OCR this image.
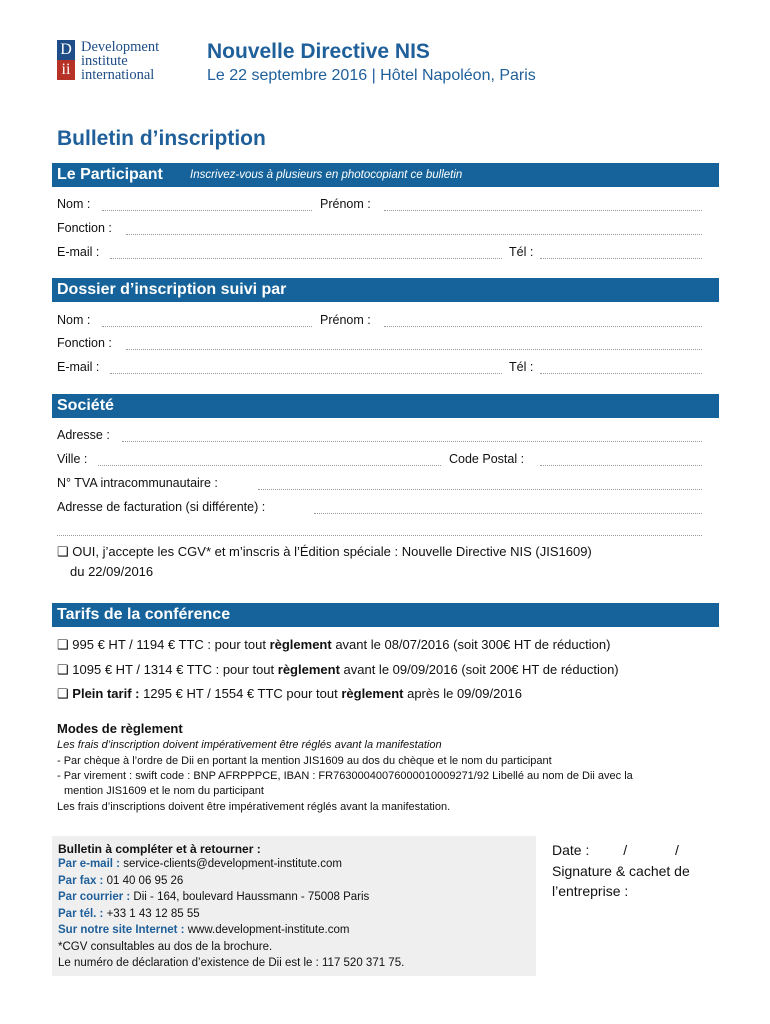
D
ii
Development
institute
international
Nouvelle Directive NIS
Le 22 septembre 2016 | Hôtel Napoléon, Paris
Bulletin d’inscription
Le Participant Inscrivez-vous à plusieurs en photocopiant ce bulletin
Nom :	Prénom :
Fonction :
E-mail :	Tél :
Dossier d’inscription suivi par
Nom :	Prénom :
Fonction :
E-mail :	Tél :
Société
Adresse :
Ville :	Code Postal :
N° TVA intracommunautaire :
Adresse de facturation (si différente) :
❑ OUI, j’accepte les CGV* et m’inscris à l’Édition spéciale : Nouvelle Directive NIS (JIS1609)
du 22/09/2016
Tarifs de la conférence
❑ 995 € HT / 1194 € TTC : pour tout règlement avant le 08/07/2016 (soit 300€ HT de réduction)
❑ 1095 € HT / 1314 € TTC : pour tout règlement avant le 09/09/2016 (soit 200€ HT de réduction)
❑ Plein tarif : 1295 € HT / 1554 € TTC pour tout règlement après le 09/09/2016
Modes de règlement
Les frais d’inscription doivent impérativement être réglés avant la manifestation
- Par chèque à l’ordre de Dii en portant la mention JIS1609 au dos du chèque et le nom du participant
- Par virement : swift code : BNP AFRPPPCE, IBAN : FR76300040076000010009271/92 Libellé au nom de Dii avec la
mention JIS1609 et le nom du participant
Les frais d’inscriptions doivent être impérativement réglés avant la manifestation.
Bulletin à compléter et à retourner :
Par e-mail : service-clients@development-institute.com
Par fax : 01 40 06 95 26
Par courrier : Dii - 164, boulevard Haussmann - 75008 Paris
Par tél. : +33 1 43 12 85 55
Sur notre site Internet : www.development-institute.com
*CGV consultables au dos de la brochure.
Le numéro de déclaration d’existence de Dii est le : 117 520 371 75.
Date : /	/
Signature & cachet de
l’entreprise :
